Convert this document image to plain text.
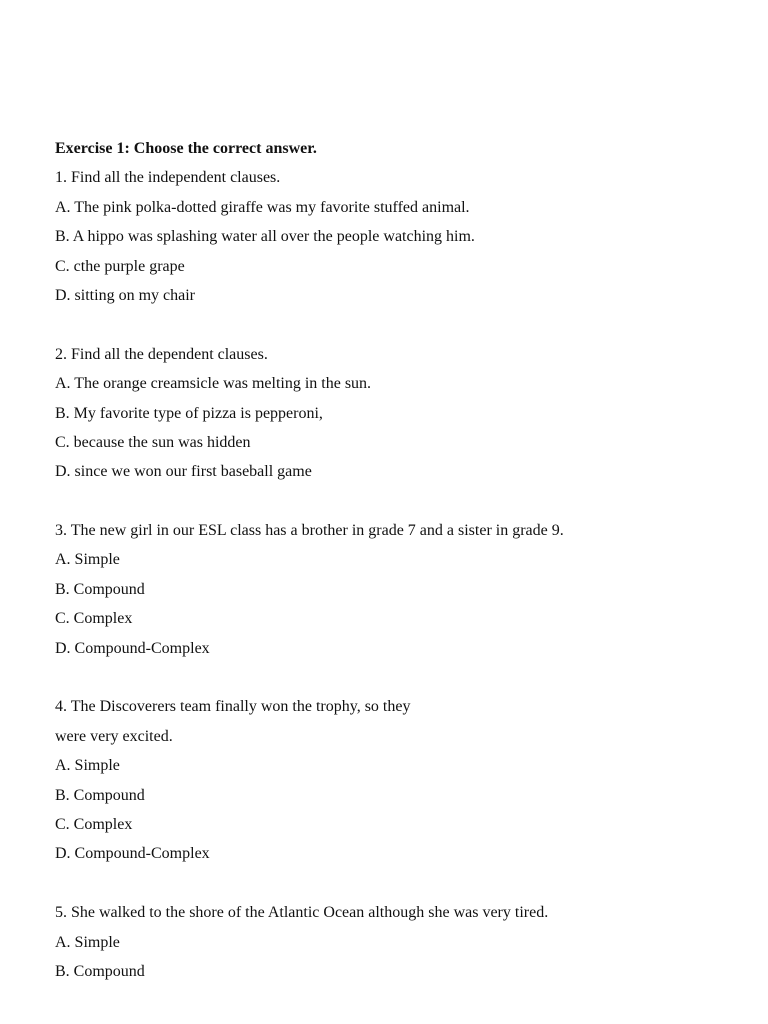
Exercise 1: Choose the correct answer.
1. Find all the independent clauses.
A. The pink polka-dotted giraffe was my favorite stuffed animal.
B. A hippo was splashing water all over the people watching him.
C. cthe purple grape
D. sitting on my chair
2. Find all the dependent clauses.
A. The orange creamsicle was melting in the sun.
B. My favorite type of pizza is pepperoni,
C. because the sun was hidden
D. since we won our first baseball game
3. The new girl in our ESL class has a brother in grade 7 and a sister in grade 9.
A. Simple
B. Compound
C. Complex
D. Compound-Complex
4. The Discoverers team finally won the trophy, so they
were very excited.
A. Simple
B. Compound
C. Complex
D. Compound-Complex
5. She walked to the shore of the Atlantic Ocean although she was very tired.
A. Simple
B. Compound
